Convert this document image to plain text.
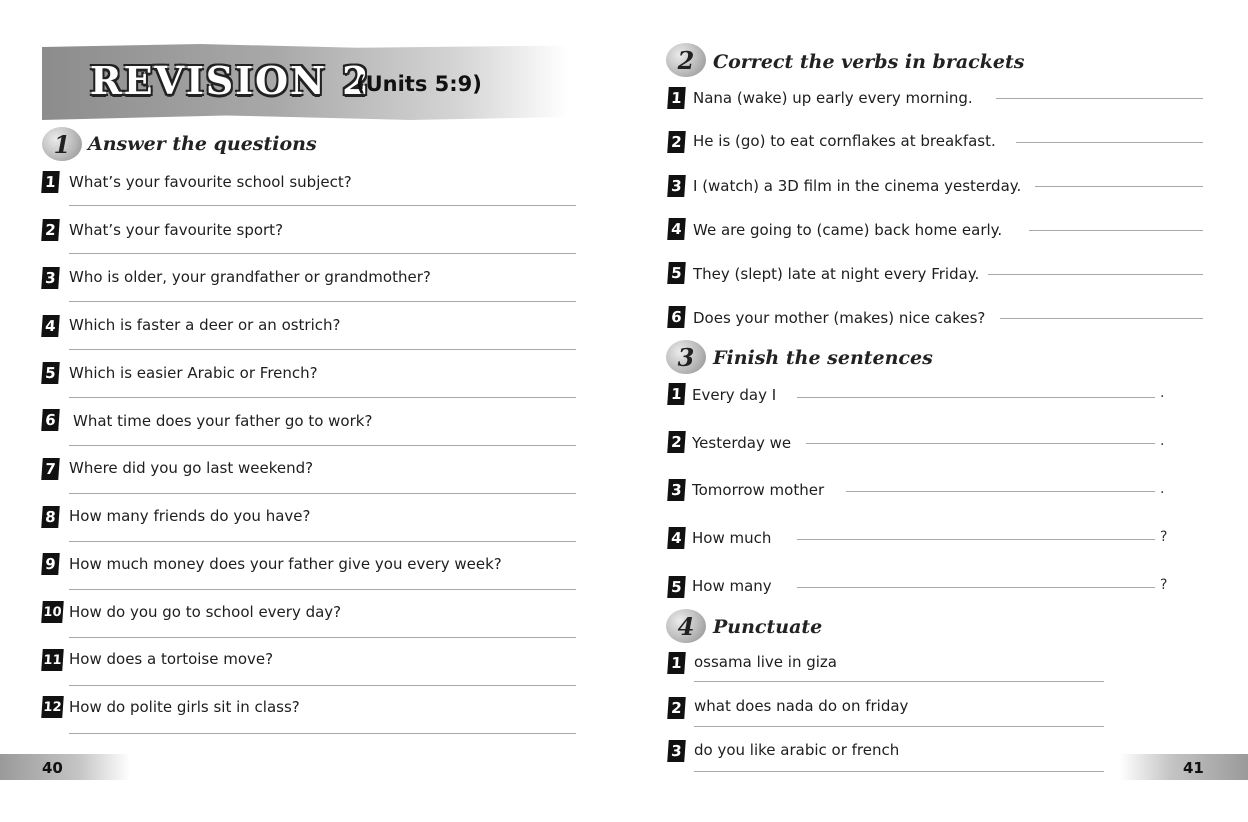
REVISION 2
(Units 5:9)
1 Answer the questions
1 What’s your favourite school subject?
2 What’s your favourite sport?
3 Who is older, your grandfather or grandmother?
4 Which is faster a deer or an ostrich?
5 Which is easier Arabic or French?
6 What time does your father go to work?
7 Where did you go last weekend?
8 How many friends do you have?
9 How much money does your father give you every week?
10 How do you go to school every day?
11 How does a tortoise move?
12 How do polite girls sit in class?
2 Correct the verbs in brackets
1 Nana (wake) up early every morning.
2 He is (go) to eat cornflakes at breakfast.
3 I (watch) a 3D film in the cinema yesterday.
4 We are going to (came) back home early.
5 They (slept) late at night every Friday.
6 Does your mother (makes) nice cakes?
3 Finish the sentences
1 Every day I	.
2 Yesterday we	.
3 Tomorrow mother	.
4 How much	?
5 How many	?
4 Punctuate
1 ossama live in giza
2 what does nada do on friday
3 do you like arabic or french
40	41
